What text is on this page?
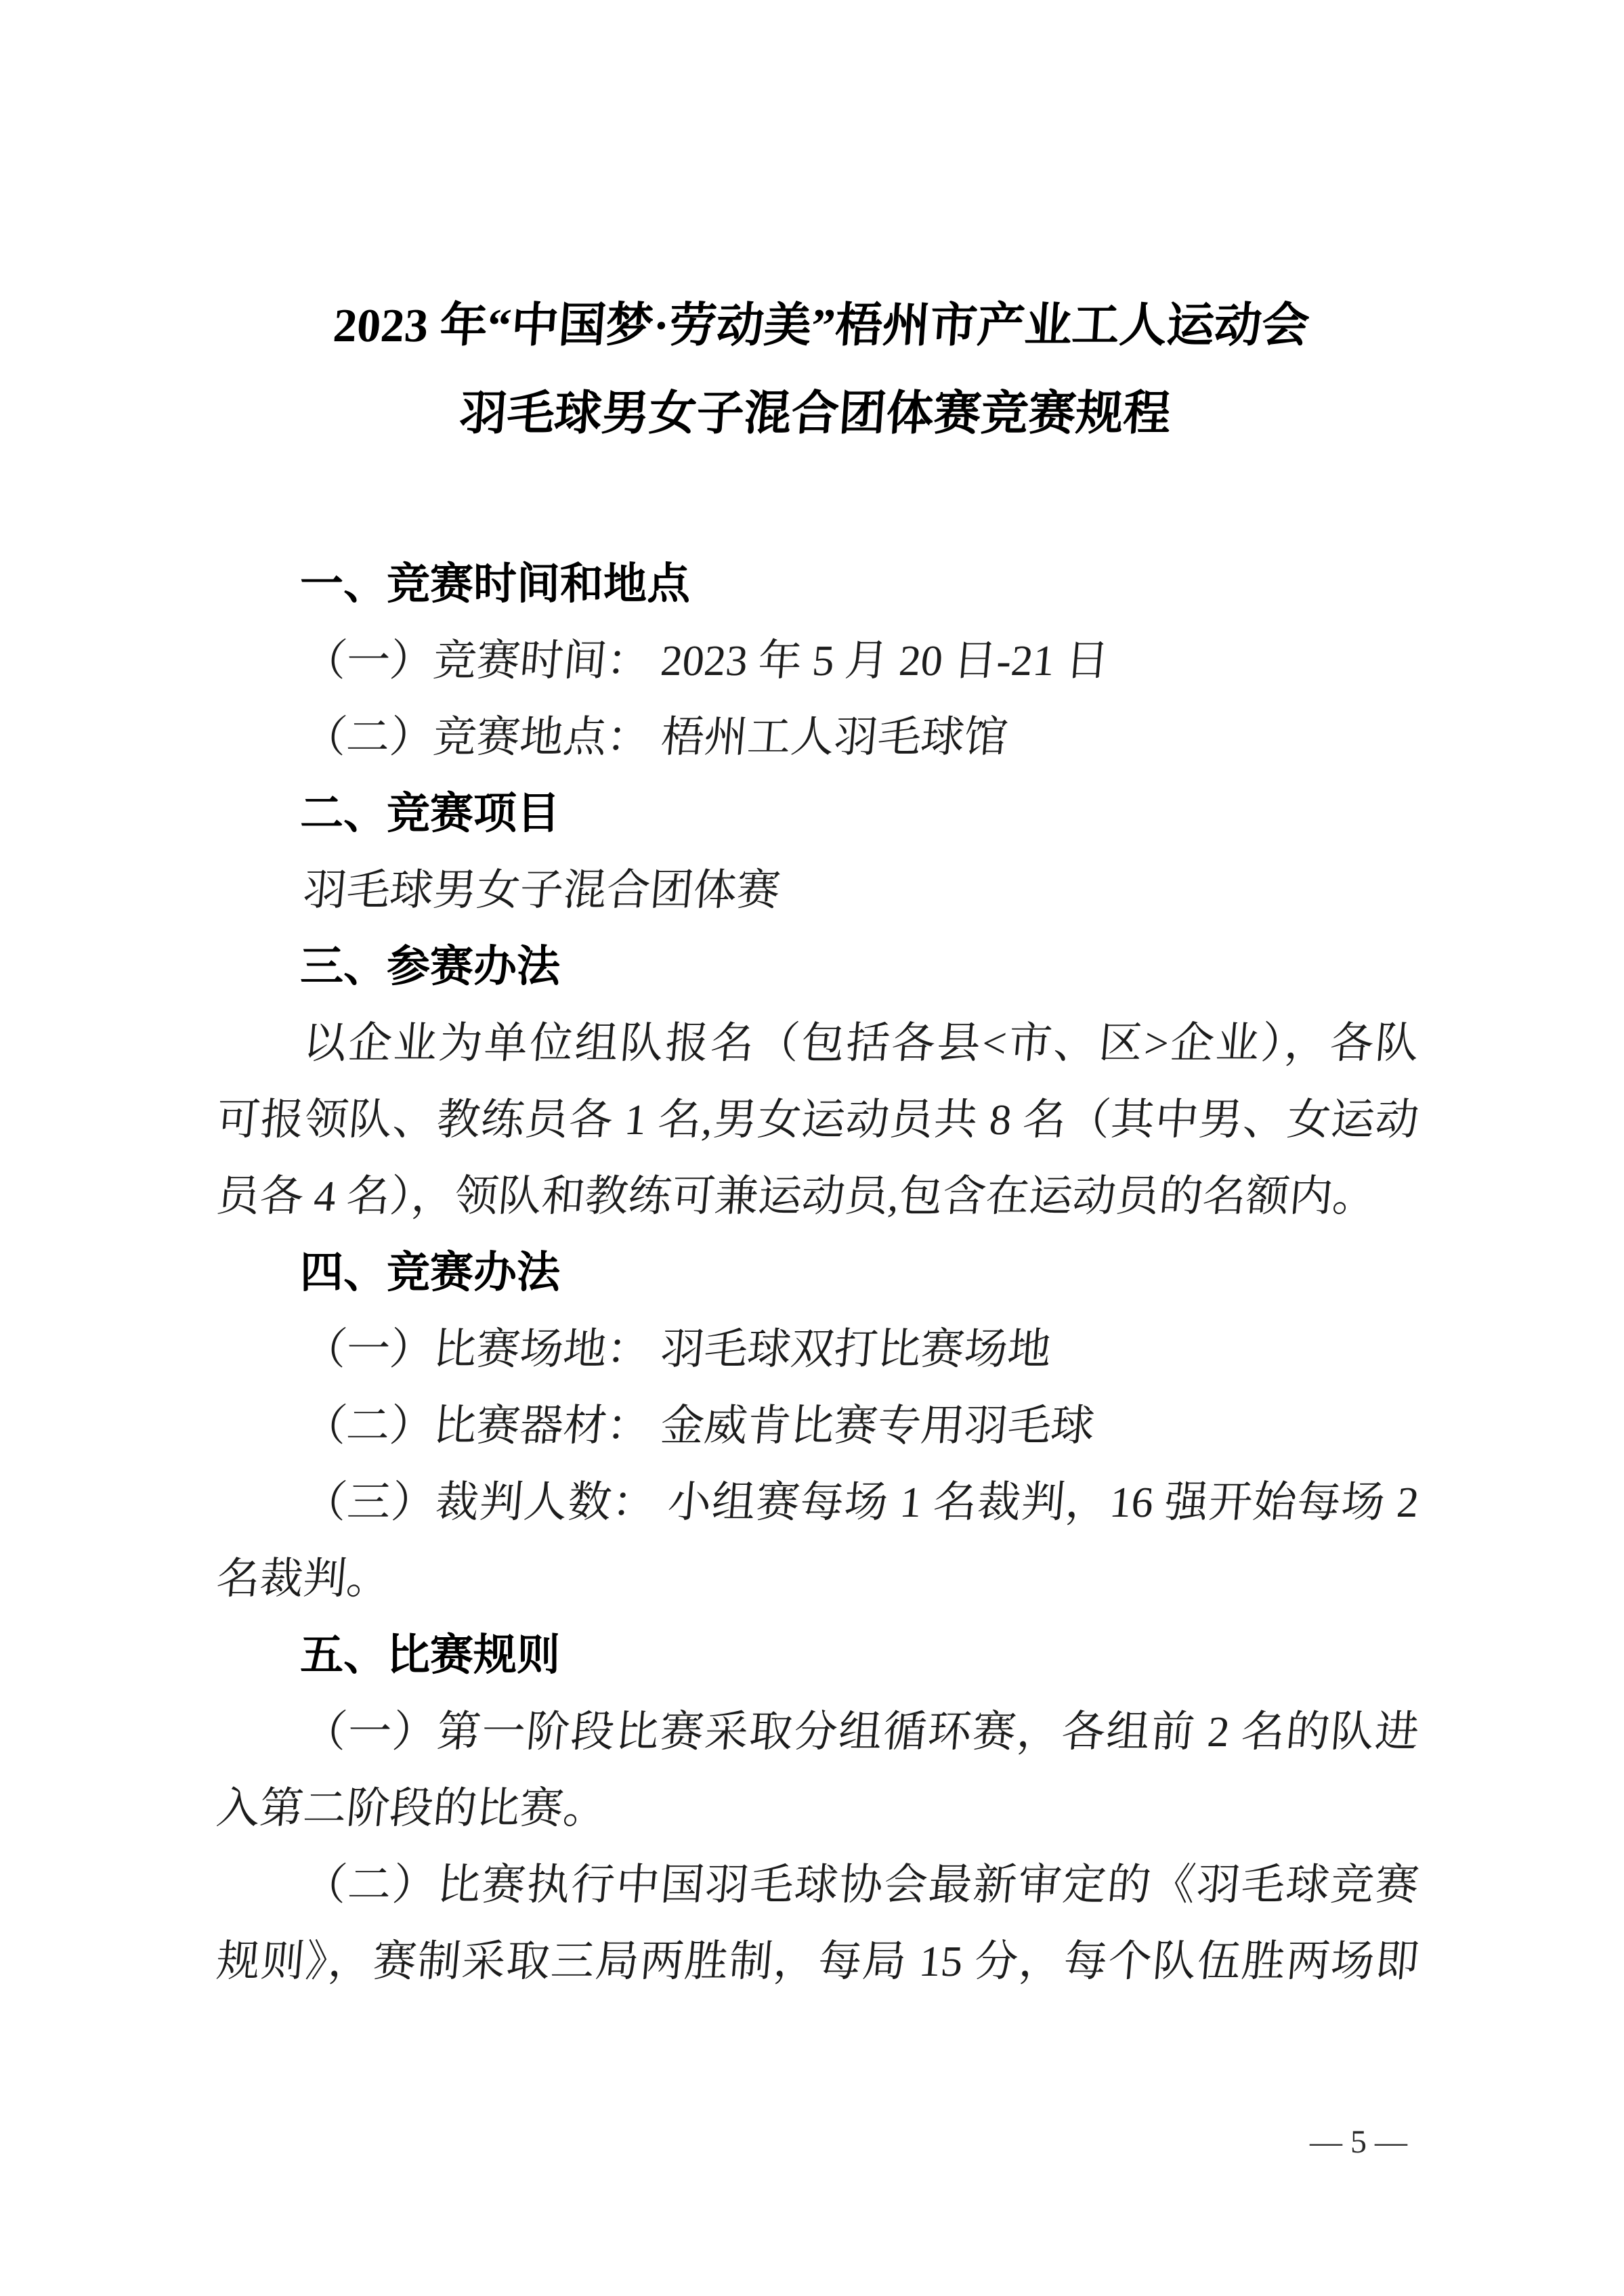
2023 年“中国梦·劳动美”梧州市产业工人运动会
羽毛球男女子混合团体赛竞赛规程
一、竞赛时间和地点
（一）竞赛时间： 2023 年 5 月 20 日-21 日
（二）竞赛地点： 梧州工人羽毛球馆
二、竞赛项目
羽毛球男女子混合团体赛
三、参赛办法
以企业为单位组队报名（包括各县<市、区>企业），各队
可报领队、教练员各 1 名,男女运动员共 8 名（其中男、女运动
员各 4 名），领队和教练可兼运动员,包含在运动员的名额内。
四、竞赛办法
（一）比赛场地： 羽毛球双打比赛场地
（二）比赛器材： 金威肯比赛专用羽毛球
（三）裁判人数： 小组赛每场 1 名裁判，16 强开始每场 2
名裁判。
五、比赛规则
（一）第一阶段比赛采取分组循环赛，各组前 2 名的队进
入第二阶段的比赛。
（二）比赛执行中国羽毛球协会最新审定的《羽毛球竞赛
规则》，赛制采取三局两胜制，每局 15 分，每个队伍胜两场即
— 5 —
